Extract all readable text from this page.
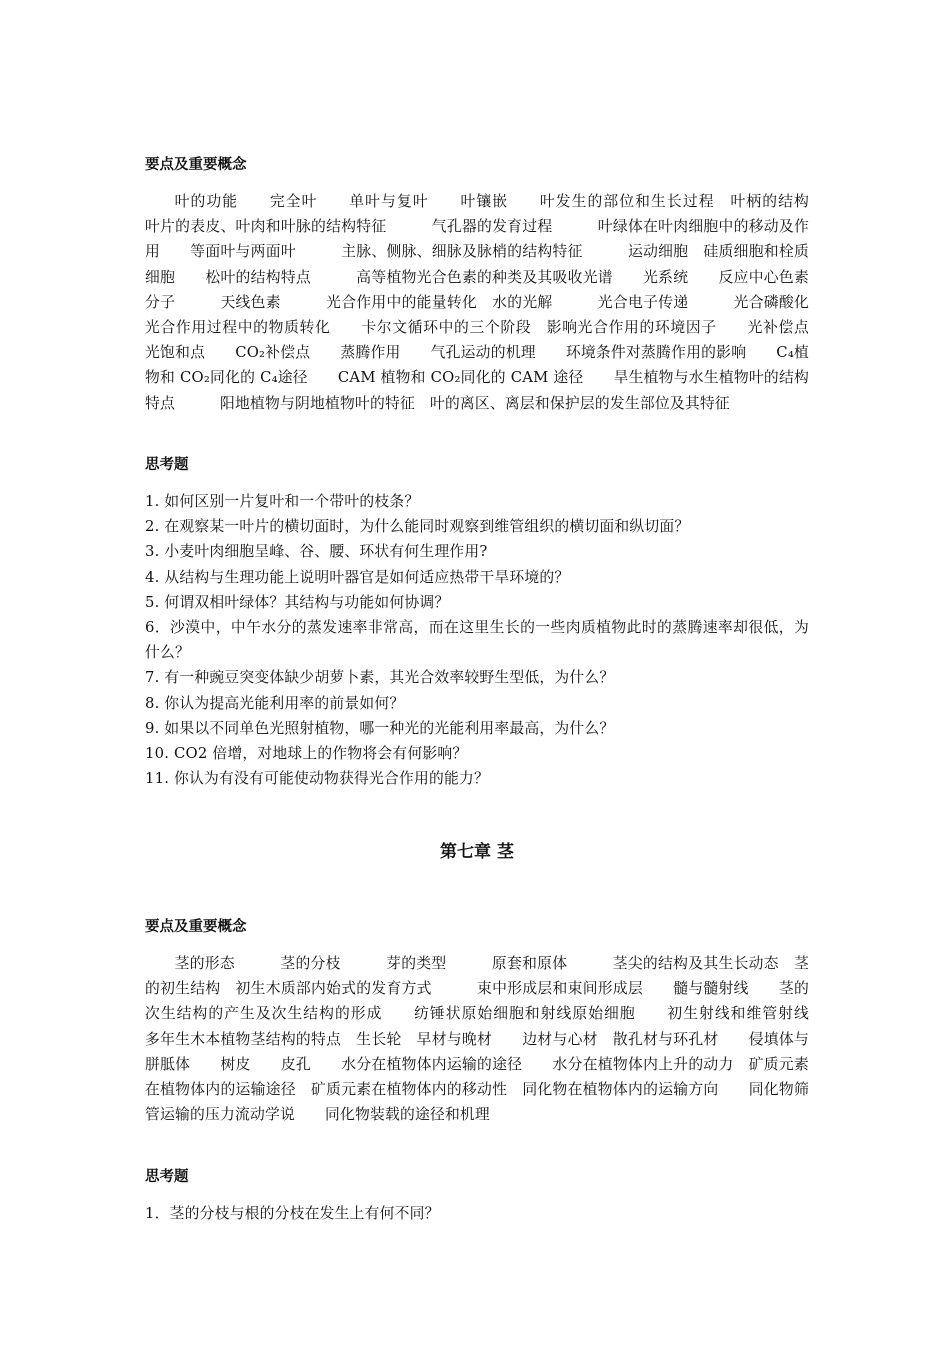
要点及重要概念
叶的功能　　完全叶　　单叶与复叶　　叶镶嵌　　叶发生的部位和生长过程　叶柄的结构　　叶片的表皮、叶肉和叶脉的结构特征　　　气孔器的发育过程　　　叶绿体在叶肉细胞中的移动及作用　　等面叶与两面叶　　　主脉、侧脉、细脉及脉梢的结构特征　　　运动细胞　硅质细胞和栓质细胞　　松叶的结构特点　　　高等植物光合色素的种类及其吸收光谱　　光系统　　反应中心色素分子　　　天线色素　　　光合作用中的能量转化　水的光解　　　光合电子传递　　　光合磷酸化　　　光合作用过程中的物质转化　　卡尔文循环中的三个阶段　影响光合作用的环境因子　　光补偿点　　光饱和点　　CO₂补偿点　　蒸腾作用　　气孔运动的机理　　环境条件对蒸腾作用的影响　　C₄植物和 CO₂同化的 C₄途径　　CAM 植物和 CO₂同化的 CAM 途径　　旱生植物与水生植物叶的结构特点　　　阳地植物与阴地植物叶的特征　叶的离区、离层和保护层的发生部位及其特征
思考题
1. 如何区别一片复叶和一个带叶的枝条？
2. 在观察某一叶片的横切面时，为什么能同时观察到维管组织的横切面和纵切面？
3. 小麦叶肉细胞呈峰、谷、腰、环状有何生理作用?
4. 从结构与生理功能上说明叶器官是如何适应热带干旱环境的？
5. 何谓双相叶绿体？其结构与功能如何协调？
6．沙漠中，中午水分的蒸发速率非常高，而在这里生长的一些肉质植物此时的蒸腾速率却很低，为什么？
7. 有一种豌豆突变体缺少胡萝卜素，其光合效率较野生型低，为什么？
8. 你认为提高光能利用率的前景如何？
9. 如果以不同单色光照射植物，哪一种光的光能利用率最高，为什么？
10. CO2 倍增，对地球上的作物将会有何影响？
11. 你认为有没有可能使动物获得光合作用的能力？
第七章 茎
要点及重要概念
茎的形态　　　茎的分枝　　　芽的类型　　　原套和原体　　　茎尖的结构及其生长动态　茎的初生结构　初生木质部内始式的发育方式　　　束中形成层和束间形成层　　髓与髓射线　　茎的次生结构的产生及次生结构的形成　　纺锤状原始细胞和射线原始细胞　　初生射线和维管射线　　多年生木本植物茎结构的特点　生长轮　早材与晚材　　边材与心材　散孔材与环孔材　　侵填体与胼胝体　　树皮　　皮孔　　水分在植物体内运输的途径　　水分在植物体内上升的动力　矿质元素在植物体内的运输途径　矿质元素在植物体内的移动性　同化物在植物体内的运输方向　　同化物筛管运输的压力流动学说　　同化物装载的途径和机理
思考题
1．茎的分枝与根的分枝在发生上有何不同？
